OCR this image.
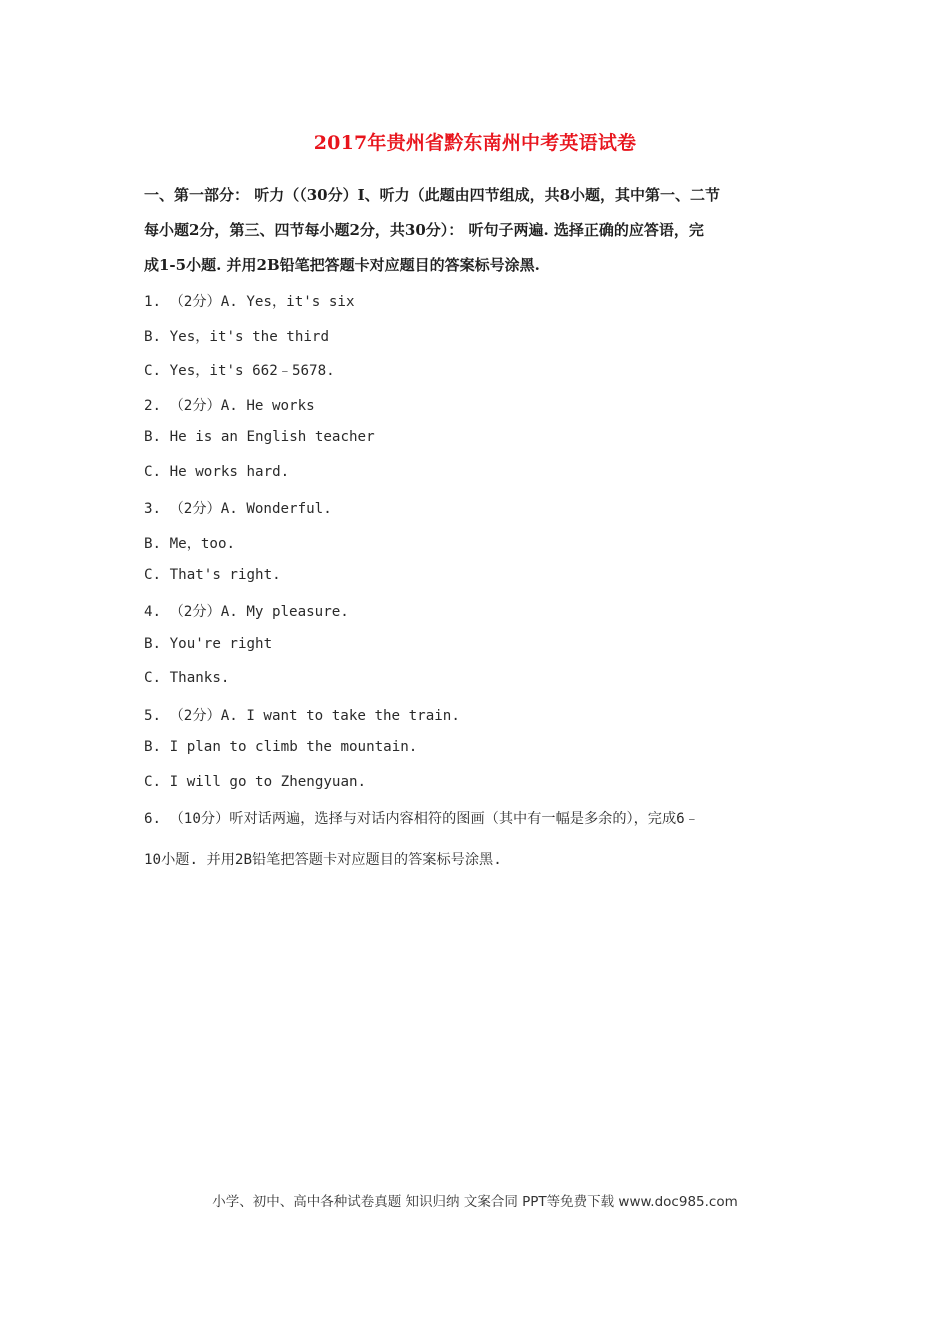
2017年贵州省黔东南州中考英语试卷
一、第一部分： 听力（（30分）I、听力（此题由四节组成，共8小题，其中第一、二节
每小题2分，第三、四节每小题2分，共30分）： 听句子两遍. 选择正确的应答语，完
成1-5小题. 并用2B铅笔把答题卡对应题目的答案标号涂黑.
1. （2分）A. Yes，it's six
B. Yes，it's the third
C. Yes，it's 662﹣5678.
2. （2分）A. He works
B. He is an English teacher
C. He works hard.
3. （2分）A. Wonderful.
B. Me，too.
C. That's right.
4. （2分）A. My pleasure.
B. You're right
C. Thanks.
5. （2分）A. I want to take the train.
B. I plan to climb the mountain.
C. I will go to Zhengyuan.
6. （10分）听对话两遍，选择与对话内容相符的图画（其中有一幅是多余的），完成6﹣
10小题. 并用2B铅笔把答题卡对应题目的答案标号涂黑.
小学、初中、高中各种试卷真题 知识归纳 文案合同 PPT等免费下载 www.doc985.com
